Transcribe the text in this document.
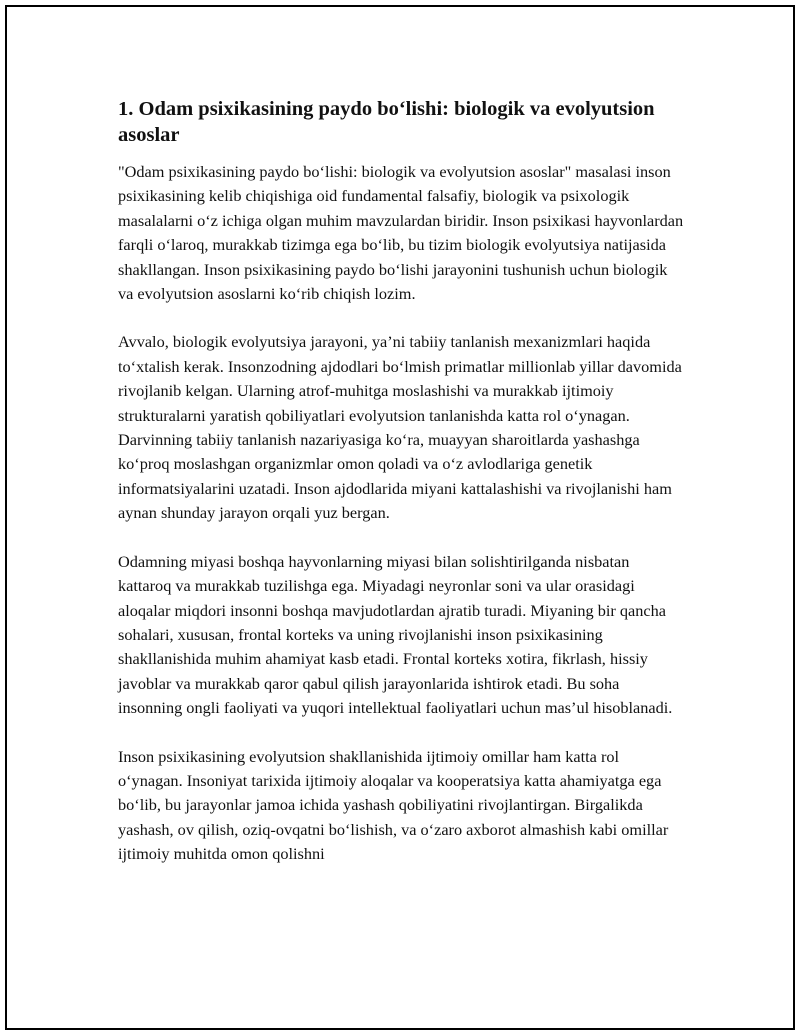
1. Odam psixikasining paydo bo‘lishi: biologik va evolyutsion asoslar

"Odam psixikasining paydo bo‘lishi: biologik va evolyutsion asoslar" masalasi inson psixikasining kelib chiqishiga oid fundamental falsafiy, biologik va psixologik masalalarni o‘z ichiga olgan muhim mavzulardan biridir. Inson psixikasi hayvonlardan farqli o‘laroq, murakkab tizimga ega bo‘lib, bu tizim biologik evolyutsiya natijasida shakllangan. Inson psixikasining paydo bo‘lishi jarayonini tushunish uchun biologik va evolyutsion asoslarni ko‘rib chiqish lozim.

Avvalo, biologik evolyutsiya jarayoni, ya’ni tabiiy tanlanish mexanizmlari haqida to‘xtalish kerak. Insonzodning ajdodlari bo‘lmish primatlar millionlab yillar davomida rivojlanib kelgan. Ularning atrof-muhitga moslashishi va murakkab ijtimoiy strukturalarni yaratish qobiliyatlari evolyutsion tanlanishda katta rol o‘ynagan. Darvinning tabiiy tanlanish nazariyasiga ko‘ra, muayyan sharoitlarda yashashga ko‘proq moslashgan organizmlar omon qoladi va o‘z avlodlariga genetik informatsiyalarini uzatadi. Inson ajdodlarida miyani kattalashishi va rivojlanishi ham aynan shunday jarayon orqali yuz bergan.

Odamning miyasi boshqa hayvonlarning miyasi bilan solishtirilganda nisbatan kattaroq va murakkab tuzilishga ega. Miyadagi neyronlar soni va ular orasidagi aloqalar miqdori insonni boshqa mavjudotlardan ajratib turadi. Miyaning bir qancha sohalari, xususan, frontal korteks va uning rivojlanishi inson psixikasining shakllanishida muhim ahamiyat kasb etadi. Frontal korteks xotira, fikrlash, hissiy javoblar va murakkab qaror qabul qilish jarayonlarida ishtirok etadi. Bu soha insonning ongli faoliyati va yuqori intellektual faoliyatlari uchun mas’ul hisoblanadi.

Inson psixikasining evolyutsion shakllanishida ijtimoiy omillar ham katta rol o‘ynagan. Insoniyat tarixida ijtimoiy aloqalar va kooperatsiya katta ahamiyatga ega bo‘lib, bu jarayonlar jamoa ichida yashash qobiliyatini rivojlantirgan. Birgalikda yashash, ov qilish, oziq-ovqatni bo‘lishish, va o‘zaro axborot almashish kabi omillar ijtimoiy muhitda omon qolishni
